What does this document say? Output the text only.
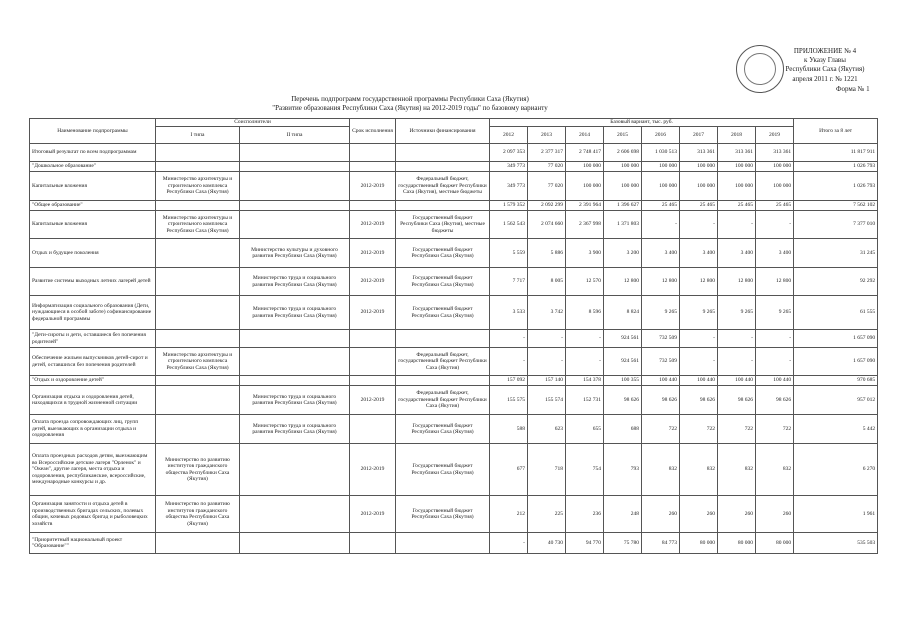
ПРИЛОЖЕНИЕ № 4
к Указу Главы
Республики Саха (Якутия)
апреля 2011 г. № 1221
Форма № 1
Перечень подпрограмм государственной программы Республики Саха (Якутия)
"Развитие образования Республики Саха (Якутия) на 2012-2019 годы" по базовому варианту
Наименование подпрограммы	Соисполнители		Срок исполнения	Источники финансирования	Базовый вариант, тыс. руб.								Итого за 8 лет
	I типа	II типа			2012	2013	2014	2015	2016	2017	2018	2019	
Итоговый результат по всем подпрограммам					2 097 353	2 377 317	2 748 417	2 606 698	1 030 513	313 361	313 361	313 361	11 817 911
"Дошкольное образование"					349 773	77 020	100 000	100 000	100 000	100 000	100 000	100 000	1 026 793
Капитальные вложения	Министерство архитектуры и строительного комплекса Республики Саха (Якутия)		2012-2019	Федеральный бюджет, государственный бюджет Республики Саха (Якутия), местные бюджеты	349 773	77 020	100 000	100 000	100 000	100 000	100 000	100 000	1 026 793
"Общее образование"					1 579 352	2 092 299	2 391 964	1 396 627	25 465	25 465	25 465	25 465	7 562 102
Капитальные вложения	Министерство архитектуры и строительного комплекса Республики Саха (Якутия)		2012-2019	Государственный бюджет Республики Саха (Якутия), местные бюджеты	1 562 543	2 074 660	2 367 998	1 371 803	-	-	-	-	7 377 010
Отдых и будущее поколения		Министерство культуры и духовного развития Республики Саха (Якутия)	2012-2019	Государственный бюджет Республики Саха (Якутия)	5 559	5 886	3 900	3 200	3 400	3 400	3 400	3 400	31 245
Развитие системы выходных летних лагерей детей		Министерство труда и социального развития Республики Саха (Якутия)	2012-2019	Государственный бюджет Республики Саха (Якутия)	7 717	8 005	12 570	12 800	12 800	12 800	12 800	12 800	92 292
Информатизация социального образования (Дети, нуждающиеся в особой заботе) софинансирование федеральной программы		Министерство труда и социального развития Республики Саха (Якутия)	2012-2019	Государственный бюджет Республики Саха (Якутия)	3 533	3 742	8 596	8 824	9 265	9 265	9 265	9 265	61 555
"Дети-сироты и дети, оставшиеся без попечения родителей"					-	-	-	924 561	732 509	-	-	-	1 657 090
Обеспечение жильем выпускников детей-сирот и детей, оставшихся без попечения родителей	Министерство архитектуры и строительного комплекса Республики Саха (Якутия)			Федеральный бюджет, государственный бюджет Республики Саха (Якутия)	-	-	-	924 561	732 509	-	-	-	1 657 090
"Отдых и оздоровление детей"					157 092	157 140	154 378	100 355	100 440	100 440	100 440	100 440	970 685
Организация отдыха и оздоровления детей, находящихся в трудной жизненной ситуации		Министерство труда и социального развития Республики Саха (Якутия)	2012-2019	Федеральный бюджет, государственный бюджет Республики Саха (Якутия)	155 575	155 574	152 731	98 626	98 626	98 626	98 626	98 626	957 012
Оплата проезда сопровождающих лиц, групп детей, выезжающих в организации отдыха и оздоровления		Министерство труда и социального развития Республики Саха (Якутия)		Государственный бюджет Республики Саха (Якутия)	588	623	655	688	722	722	722	722	5 442
Оплата проездных расходов детям, выезжающим во Всероссийские детские лагеря "Орленок" и "Океан", другие лагеря, места отдыха и оздоровления, республиканские, всероссийские, международные конкурсы и др.	Министерство по развитию институтов гражданского общества Республики Саха (Якутия)		2012-2019	Государственный бюджет Республики Саха (Якутия)	677	718	754	793	832	832	832	832	6 270
Организация занятости и отдыха детей в производственных бригадах сельских, полевых общин, кочевых родовых бригад и рыболовецких хозяйств	Министерство по развитию институтов гражданского общества Республики Саха (Якутия)		2012-2019	Государственный бюджет Республики Саха (Якутия)	212	225	236	248	260	260	260	260	1 961
"Приоритетный национальный проект "Образование""					-	40 730	94 770	75 780	84 773	80 000	80 000	80 000	535 503
